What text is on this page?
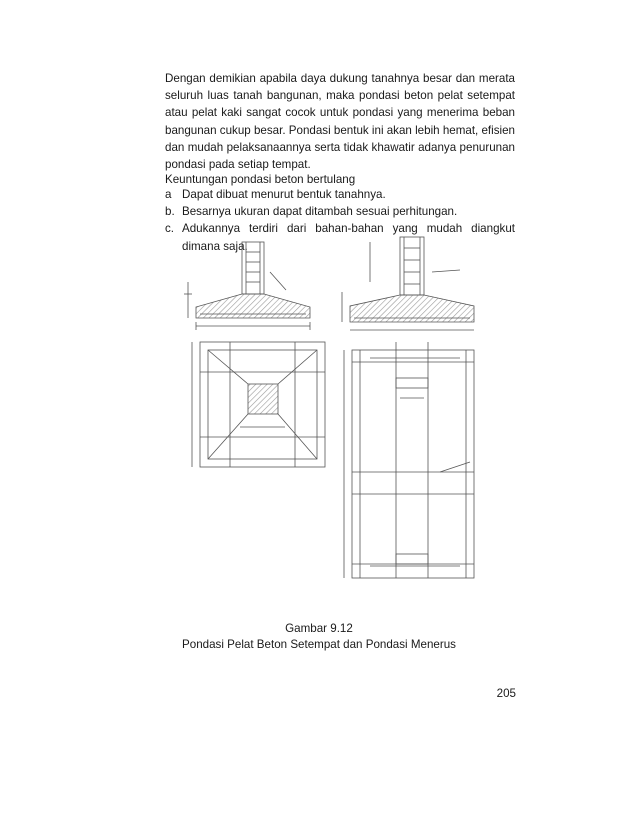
Dengan demikian apabila daya dukung tanahnya besar dan merata seluruh luas tanah bangunan, maka pondasi beton pelat setempat atau pelat kaki sangat cocok untuk pondasi yang menerima beban bangunan cukup besar. Pondasi bentuk ini akan lebih hemat, efisien dan mudah pelaksanaannya serta tidak khawatir adanya penurunan pondasi pada setiap tempat.

Keuntungan pondasi beton bertulang

a Dapat dibuat menurut bentuk tanahnya.
b. Besarnya ukuran dapat ditambah sesuai perhitungan.
c. Adukannya terdiri dari bahan-bahan yang mudah diangkut dimana saja.

Gambar 9.12

Pondasi Pelat Beton Setempat dan Pondasi Menerus

205
